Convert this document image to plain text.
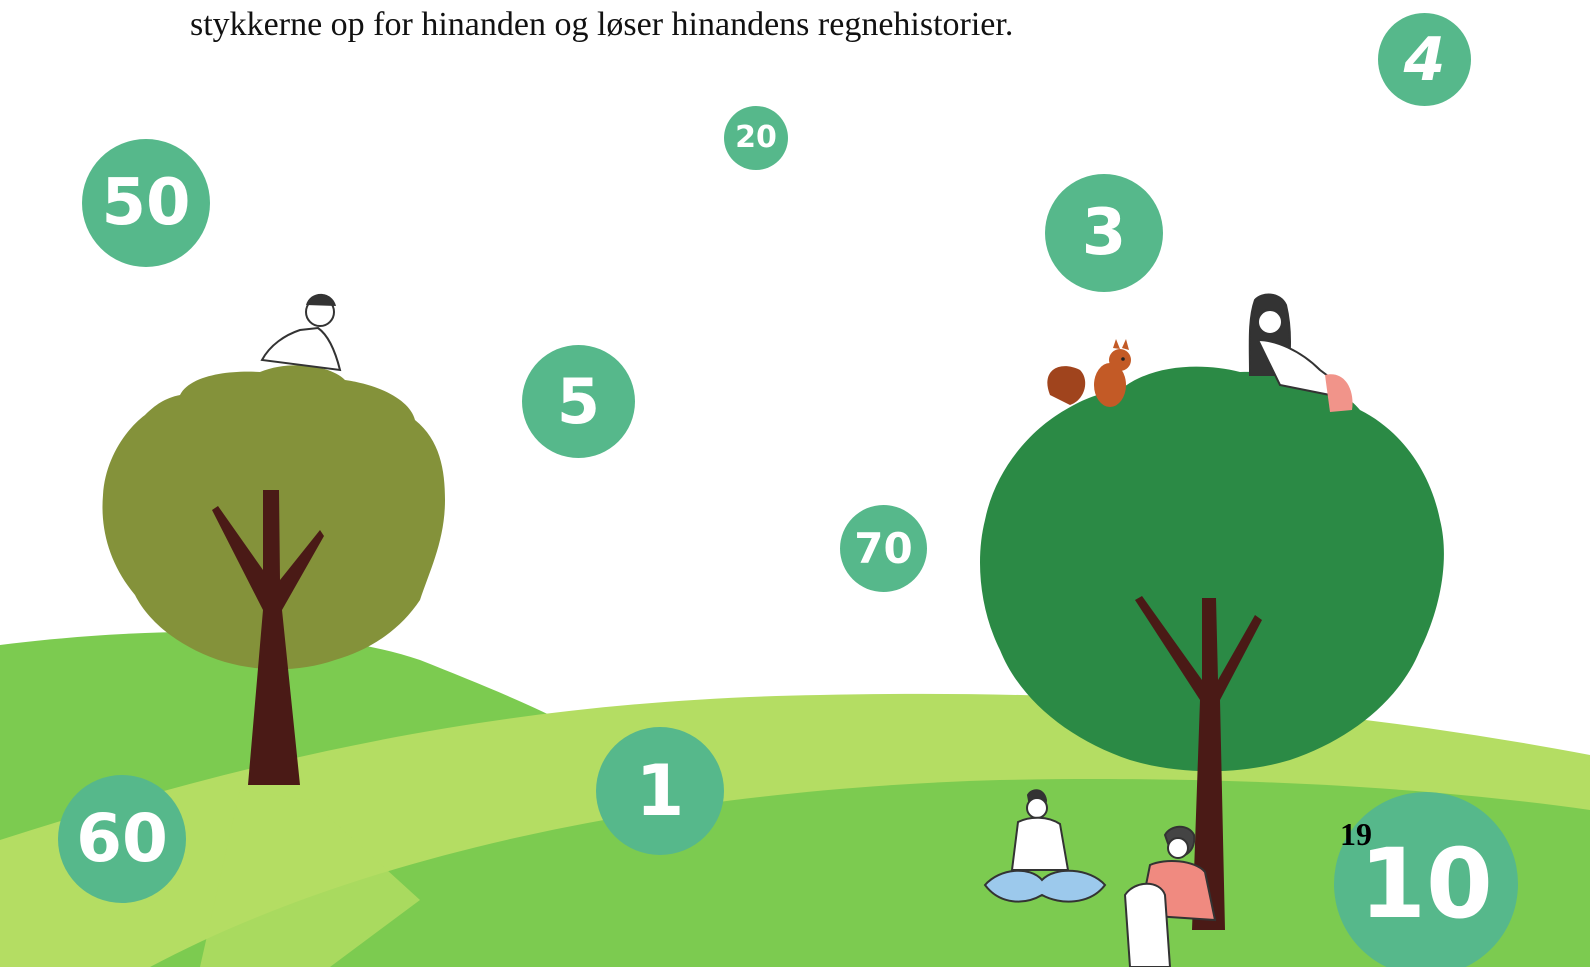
stykkerne op for hinanden og løser hinandens regnehistorier.
50
20
4
3
5
70
1
60	10
19
